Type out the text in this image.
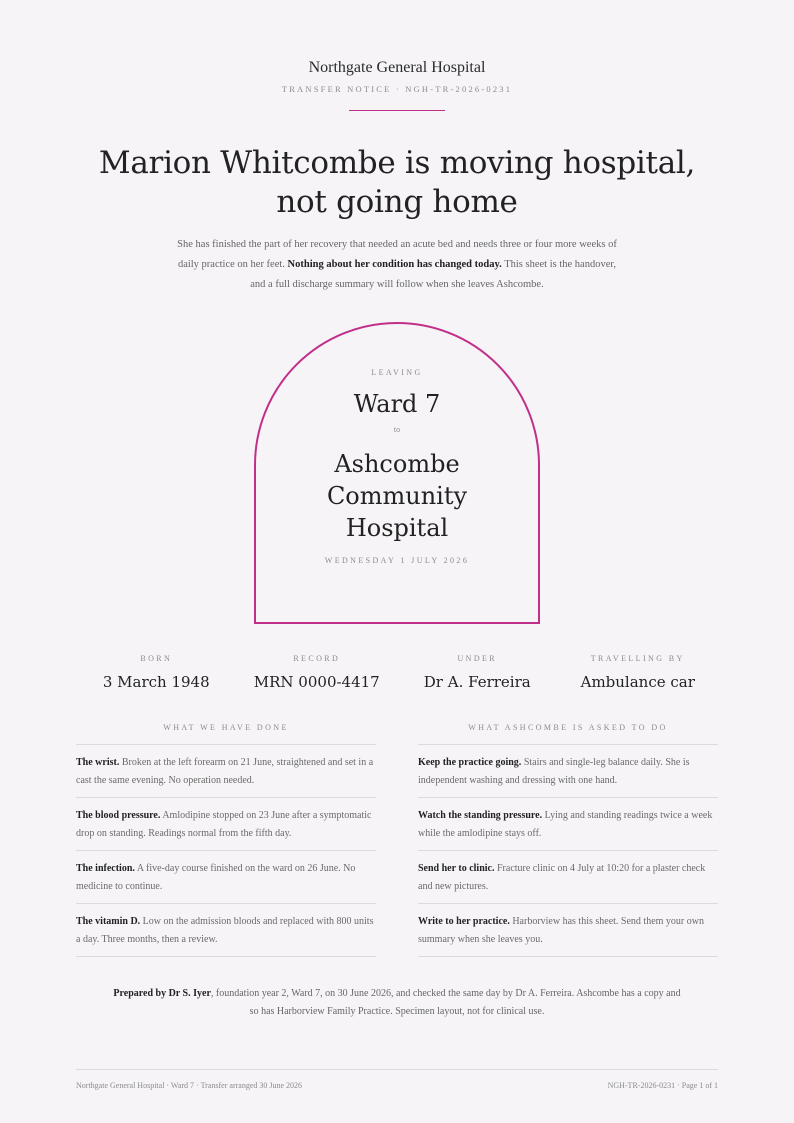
Northgate General Hospital
TRANSFER NOTICE · NGH-TR-2026-0231
Marion Whitcombe is moving hospital,
not going home

She has finished the part of her recovery that needed an acute bed and needs three or four more weeks of daily practice on her feet. Nothing about her condition has changed today. This sheet is the handover, and a full discharge summary will follow when she leaves Ashcombe.

LEAVING
Ward 7
to
Ashcombe Community Hospital
WEDNESDAY 1 JULY 2026
BORN
3 March 1948
RECORD
MRN 0000-4417
UNDER
Dr A. Ferreira
TRAVELLING BY
Ambulance car
WHAT WE HAVE DONE
The wrist. Broken at the left forearm on 21 June, straightened and set in a cast the same evening. No operation needed.
The blood pressure. Amlodipine stopped on 23 June after a symptomatic drop on standing. Readings normal from the fifth day.
The infection. A five-day course finished on the ward on 26 June. No medicine to continue.
The vitamin D. Low on the admission bloods and replaced with 800 units a day. Three months, then a review.
WHAT ASHCOMBE IS ASKED TO DO
Keep the practice going. Stairs and single-leg balance daily. She is independent washing and dressing with one hand.
Watch the standing pressure. Lying and standing readings twice a week while the amlodipine stays off.
Send her to clinic. Fracture clinic on 4 July at 10:20 for a plaster check and new pictures.
Write to her practice. Harborview has this sheet. Send them your own summary when she leaves you.

Prepared by Dr S. Iyer, foundation year 2, Ward 7, on 30 June 2026, and checked the same day by Dr A. Ferreira. Ashcombe has a copy and so has Harborview Family Practice. Specimen layout, not for clinical use.

Northgate General Hospital · Ward 7 · Transfer arranged 30 June 2026	NGH-TR-2026-0231 · Page 1 of 1
